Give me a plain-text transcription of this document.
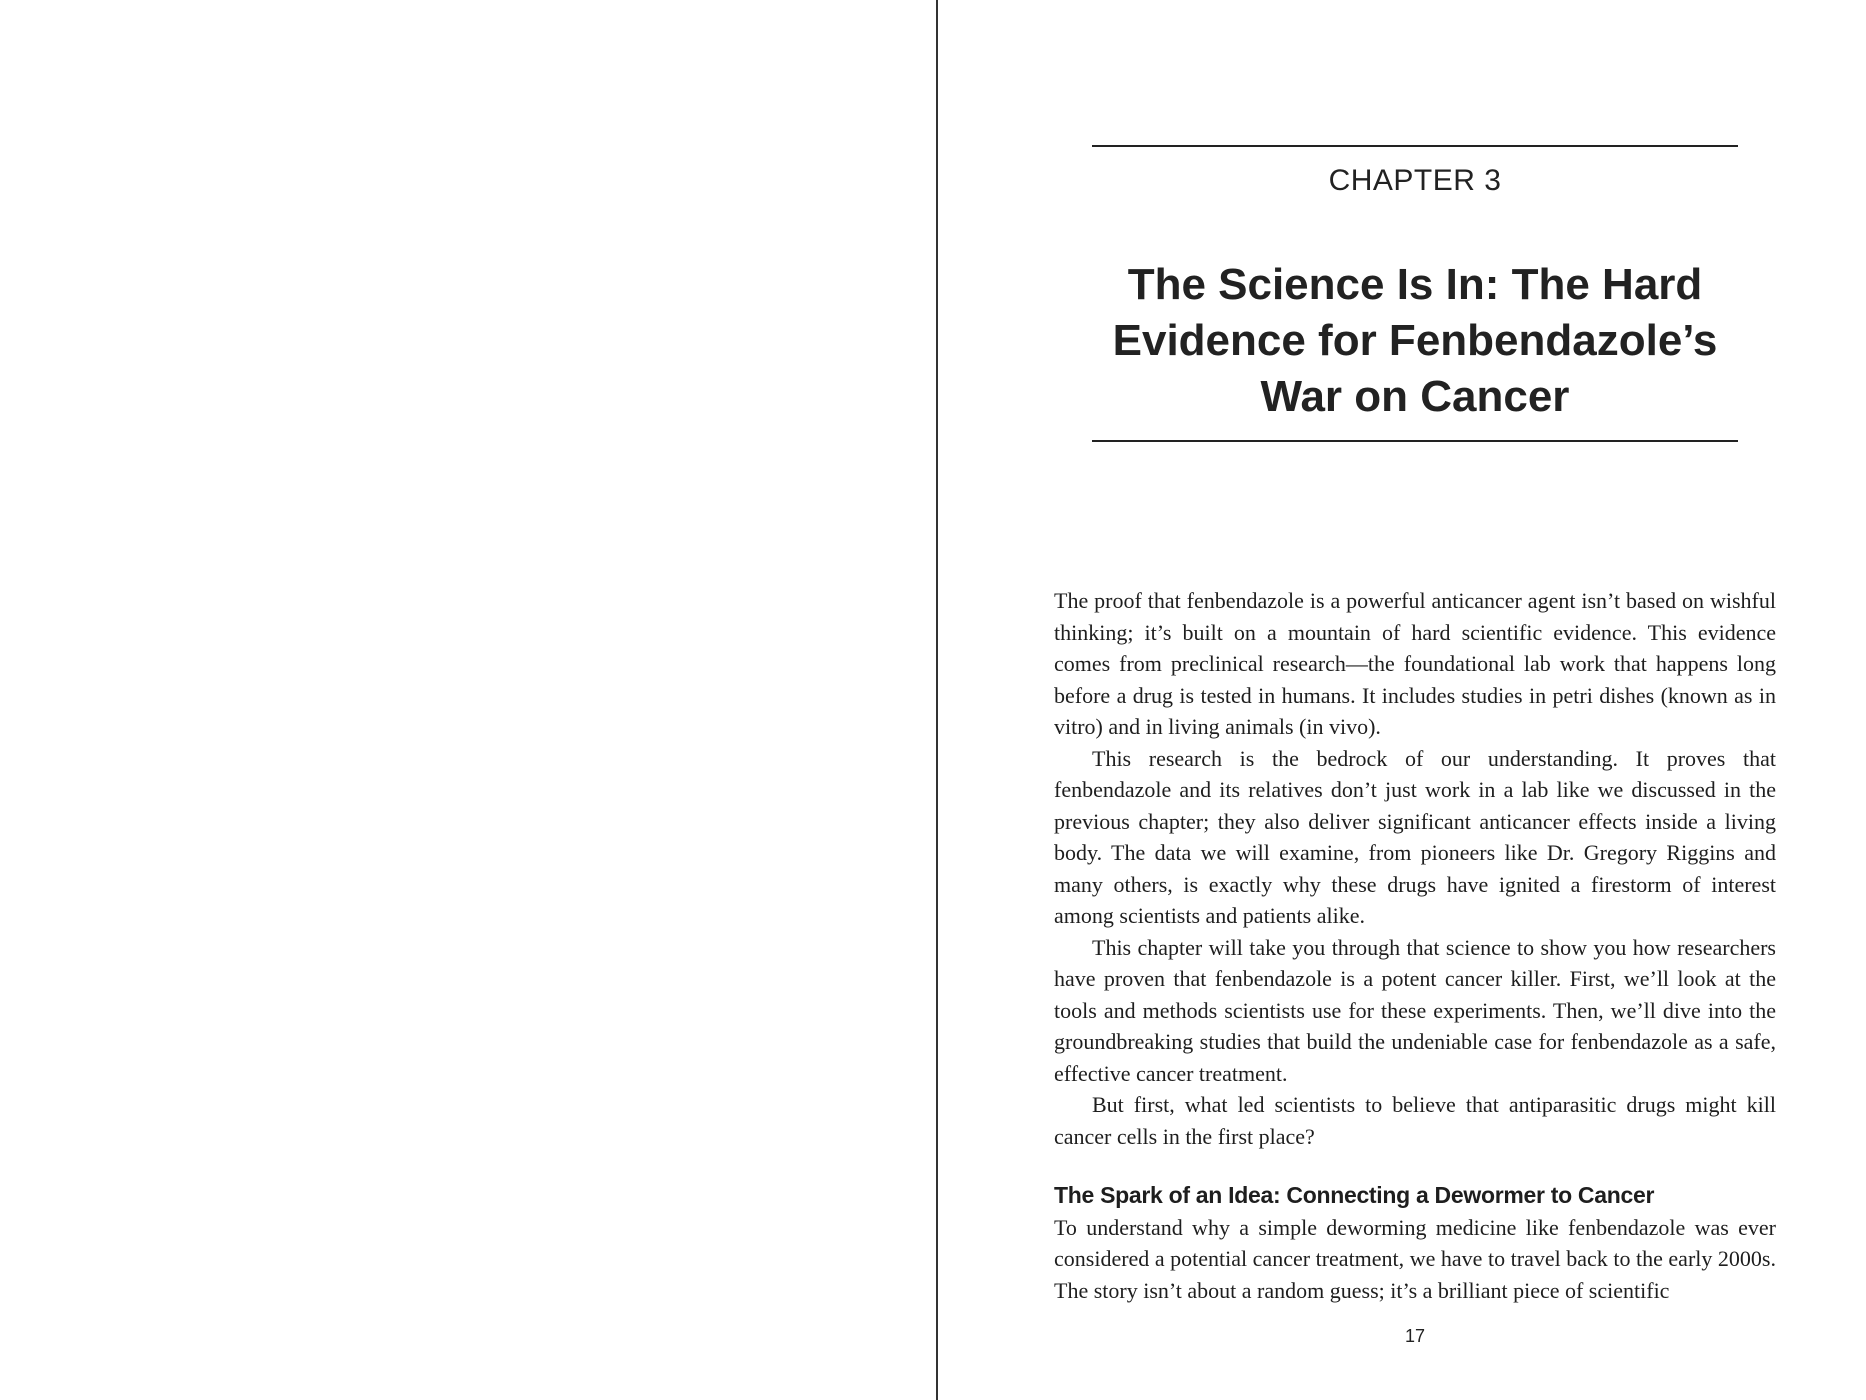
CHAPTER 3
The Science Is In: The Hard Evidence for Fenbendazole’s War on Cancer

The proof that fenbendazole is a powerful anticancer agent isn’t based on wishful thinking; it’s built on a mountain of hard scientific evidence. This evidence comes from preclinical research—the foundational lab work that happens long before a drug is tested in humans. It includes studies in petri dishes (known as in vitro) and in living animals (in vivo).

This research is the bedrock of our understanding. It proves that fenbendazole and its relatives don’t just work in a lab like we discussed in the previous chapter; they also deliver significant anticancer effects inside a living body. The data we will examine, from pioneers like Dr. Gregory Riggins and many others, is exactly why these drugs have ignited a firestorm of interest among scientists and patients alike.

This chapter will take you through that science to show you how researchers have proven that fenbendazole is a potent cancer killer. First, we’ll look at the tools and methods scientists use for these experiments. Then, we’ll dive into the groundbreaking studies that build the undeniable case for fenbendazole as a safe, effective cancer treatment.

But first, what led scientists to believe that antiparasitic drugs might kill cancer cells in the first place?

The Spark of an Idea: Connecting a Dewormer to Cancer

To understand why a simple deworming medicine like fenbendazole was ever considered a potential cancer treatment, we have to travel back to the early 2000s. The story isn’t about a random guess; it’s a brilliant piece of scientific

17
